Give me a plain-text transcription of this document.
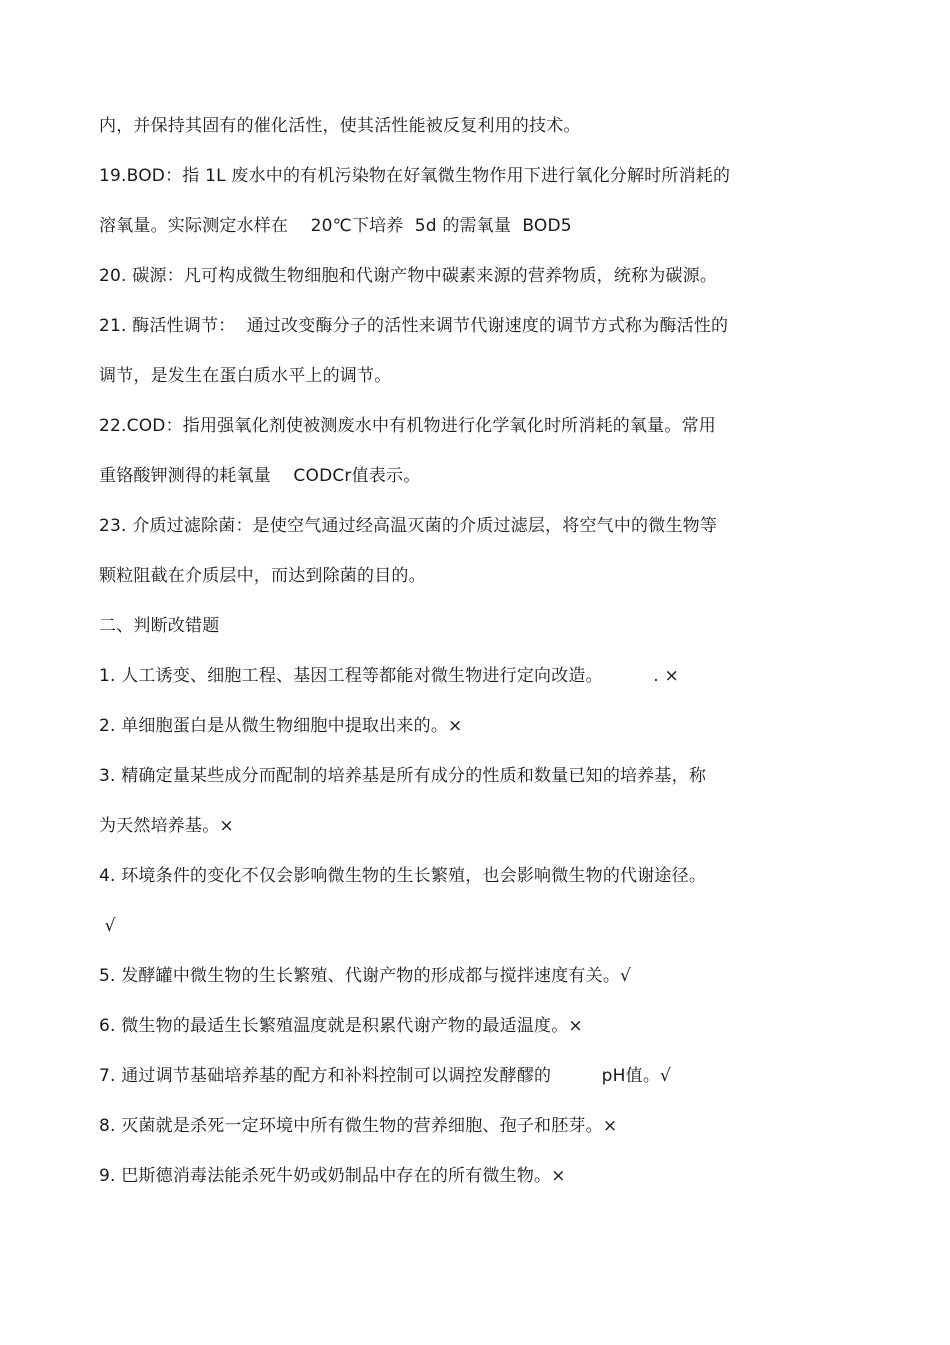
内，并保持其固有的催化活性，使其活性能被反复利用的技术。
19.BOD：指 1L 废水中的有机污染物在好氧微生物作用下进行氧化分解时所消耗的
溶氧量。实际测定水样在    20℃下培养  5d 的需氧量  BOD5
20. 碳源：凡可构成微生物细胞和代谢产物中碳素来源的营养物质，统称为碳源。
21. 酶活性调节：  通过改变酶分子的活性来调节代谢速度的调节方式称为酶活性的
调节，是发生在蛋白质水平上的调节。
22.COD：指用强氧化剂使被测废水中有机物进行化学氧化时所消耗的氧量。常用
重铬酸钾测得的耗氧量    CODCr值表示。
23. 介质过滤除菌：是使空气通过经高温灭菌的介质过滤层，将空气中的微生物等
颗粒阻截在介质层中，而达到除菌的目的。
二、判断改错题
1. 人工诱变、细胞工程、基因工程等都能对微生物进行定向改造。         . ×
2. 单细胞蛋白是从微生物细胞中提取出来的。×
3. 精确定量某些成分而配制的培养基是所有成分的性质和数量已知的培养基，称
为天然培养基。×
4. 环境条件的变化不仅会影响微生物的生长繁殖，也会影响微生物的代谢途径。
√
5. 发酵罐中微生物的生长繁殖、代谢产物的形成都与搅拌速度有关。√
6. 微生物的最适生长繁殖温度就是积累代谢产物的最适温度。×
7. 通过调节基础培养基的配方和补料控制可以调控发酵醪的         pH值。√
8. 灭菌就是杀死一定环境中所有微生物的营养细胞、孢子和胚芽。×
9. 巴斯德消毒法能杀死牛奶或奶制品中存在的所有微生物。×
